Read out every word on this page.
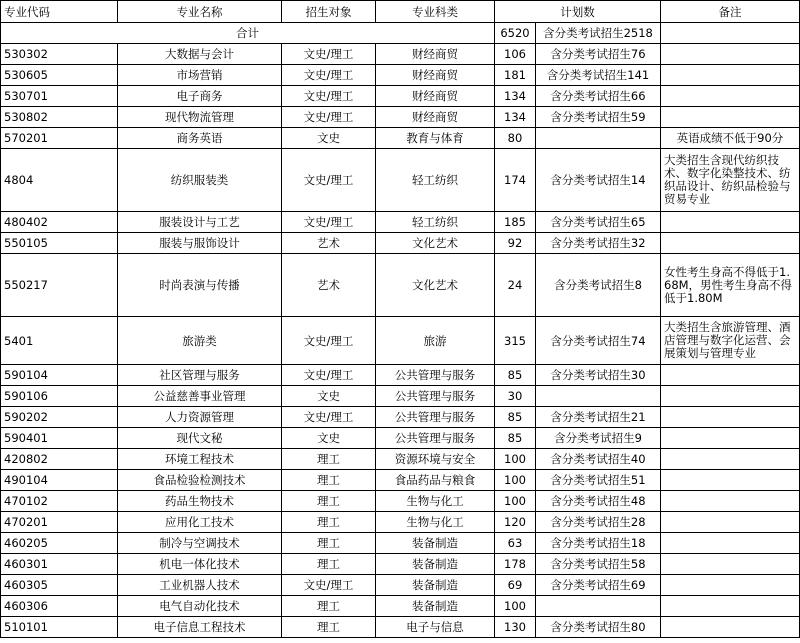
专业代码	专业名称	招生对象	专业科类	计划数		备注
合计				6520	含分类考试招生2518	
530302	大数据与会计	文史/理工	财经商贸	106	含分类考试招生76	
530605	市场营销	文史/理工	财经商贸	181	含分类考试招生141	
530701	电子商务	文史/理工	财经商贸	134	含分类考试招生66	
530802	现代物流管理	文史/理工	财经商贸	134	含分类考试招生59	
570201	商务英语	文史	教育与体育	80		英语成绩不低于90分
4804	纺织服装类	文史/理工	轻工纺织	174	含分类考试招生14	大类招生含现代纺织技术、数字化染整技术、纺织品设计、纺织品检验与贸易专业
480402	服装设计与工艺	文史/理工	轻工纺织	185	含分类考试招生65	
550105	服装与服饰设计	艺术	文化艺术	92	含分类考试招生32	
550217	时尚表演与传播	艺术	文化艺术	24	含分类考试招生8	女性考生身高不得低于1.68M，男性考生身高不得低于1.80M
5401	旅游类	文史/理工	旅游	315	含分类考试招生74	大类招生含旅游管理、酒店管理与数字化运营、会展策划与管理专业
590104	社区管理与服务	文史/理工	公共管理与服务	85	含分类考试招生30	
590106	公益慈善事业管理	文史	公共管理与服务	30		
590202	人力资源管理	文史/理工	公共管理与服务	85	含分类考试招生21	
590401	现代文秘	文史	公共管理与服务	85	含分类考试招生9	
420802	环境工程技术	理工	资源环境与安全	100	含分类考试招生40	
490104	食品检验检测技术	理工	食品药品与粮食	100	含分类考试招生51	
470102	药品生物技术	理工	生物与化工	100	含分类考试招生48	
470201	应用化工技术	理工	生物与化工	120	含分类考试招生28	
460205	制冷与空调技术	理工	装备制造	63	含分类考试招生18	
460301	机电一体化技术	理工	装备制造	178	含分类考试招生58	
460305	工业机器人技术	文史/理工	装备制造	69	含分类考试招生69	
460306	电气自动化技术	理工	装备制造	100		
510101	电子信息工程技术	理工	电子与信息	130	含分类考试招生80	
